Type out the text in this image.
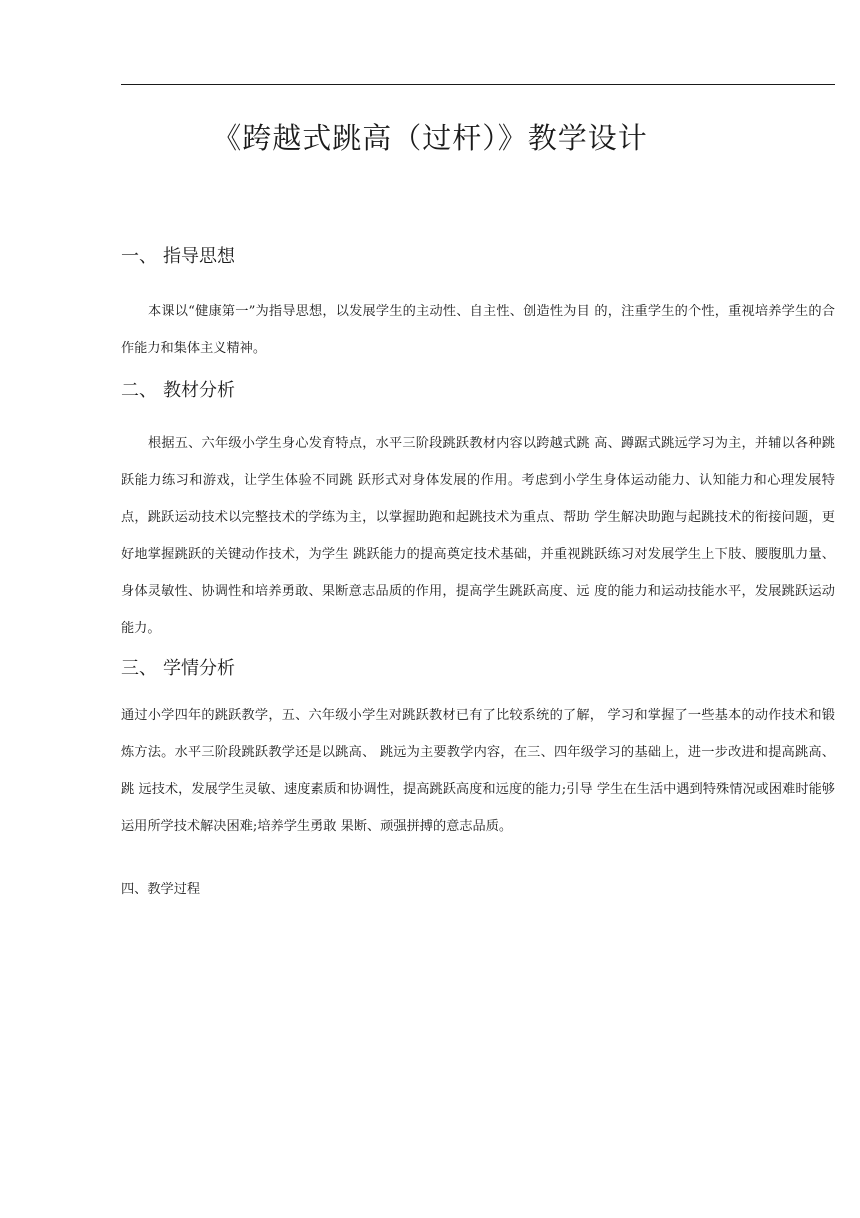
《跨越式跳高（过杆）》教学设计
一、 指导思想

本课以“健康第一”为指导思想，以发展学生的主动性、自主性、创造性为目 的，注重学生的个性，重视培养学生的合作能力和集体主义精神。

二、 教材分析

根据五、六年级小学生身心发育特点，水平三阶段跳跃教材内容以跨越式跳 高、蹲踞式跳远学习为主，并辅以各种跳跃能力练习和游戏，让学生体验不同跳 跃形式对身体发展的作用。考虑到小学生身体运动能力、认知能力和心理发展特 点，跳跃运动技术以完整技术的学练为主，以掌握助跑和起跳技术为重点、帮助 学生解决助跑与起跳技术的衔接问题，更好地掌握跳跃的关键动作技术，为学生 跳跃能力的提高奠定技术基础，并重视跳跃练习对发展学生上下肢、腰腹肌力量、 身体灵敏性、协调性和培养勇敢、果断意志品质的作用，提高学生跳跃高度、远 度的能力和运动技能水平，发展跳跃运动能力。

三、 学情分析

通过小学四年的跳跃教学，五、六年级小学生对跳跃教材已有了比较系统的了解， 学习和掌握了一些基本的动作技术和锻炼方法。水平三阶段跳跃教学还是以跳高、 跳远为主要教学内容，在三、四年级学习的基础上，进一步改进和提高跳高、跳 远技术，发展学生灵敏、速度素质和协调性，提高跳跃高度和远度的能力;引导 学生在生活中遇到特殊情况或困难时能够运用所学技术解决困难;培养学生勇敢 果断、顽强拼搏的意志品质。

四、教学过程
